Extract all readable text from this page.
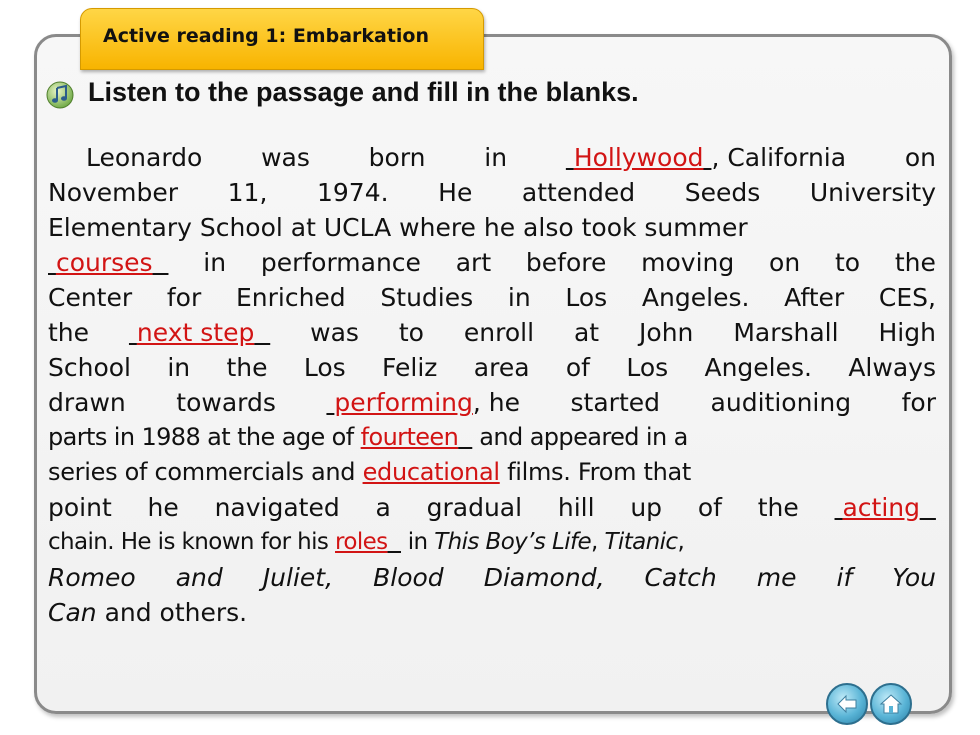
Active reading 1: Embarkation
Listen to the passage and fill in the blanks.
Leonardo was born in	Hollywood , California on
November 11, 1974. He attended Seeds University
Elementary School at UCLA where he also took summer
courses	in performance art before moving on to the
Center for Enriched Studies in Los Angeles. After CES,
the	next step	was to enroll at John Marshall High
School in the Los Feliz area of Los Angeles. Always
drawn towards	performing, he started auditioning for
parts in 1988 at the age of fourteen   and appeared in a
series of commercials and educational films. From that
point he navigated a gradual hill up of the	acting
chain. He is known for his roles   in This Boy’s Life, Titanic,
Romeo and Juliet, Blood Diamond, Catch me if You
Can and others.
